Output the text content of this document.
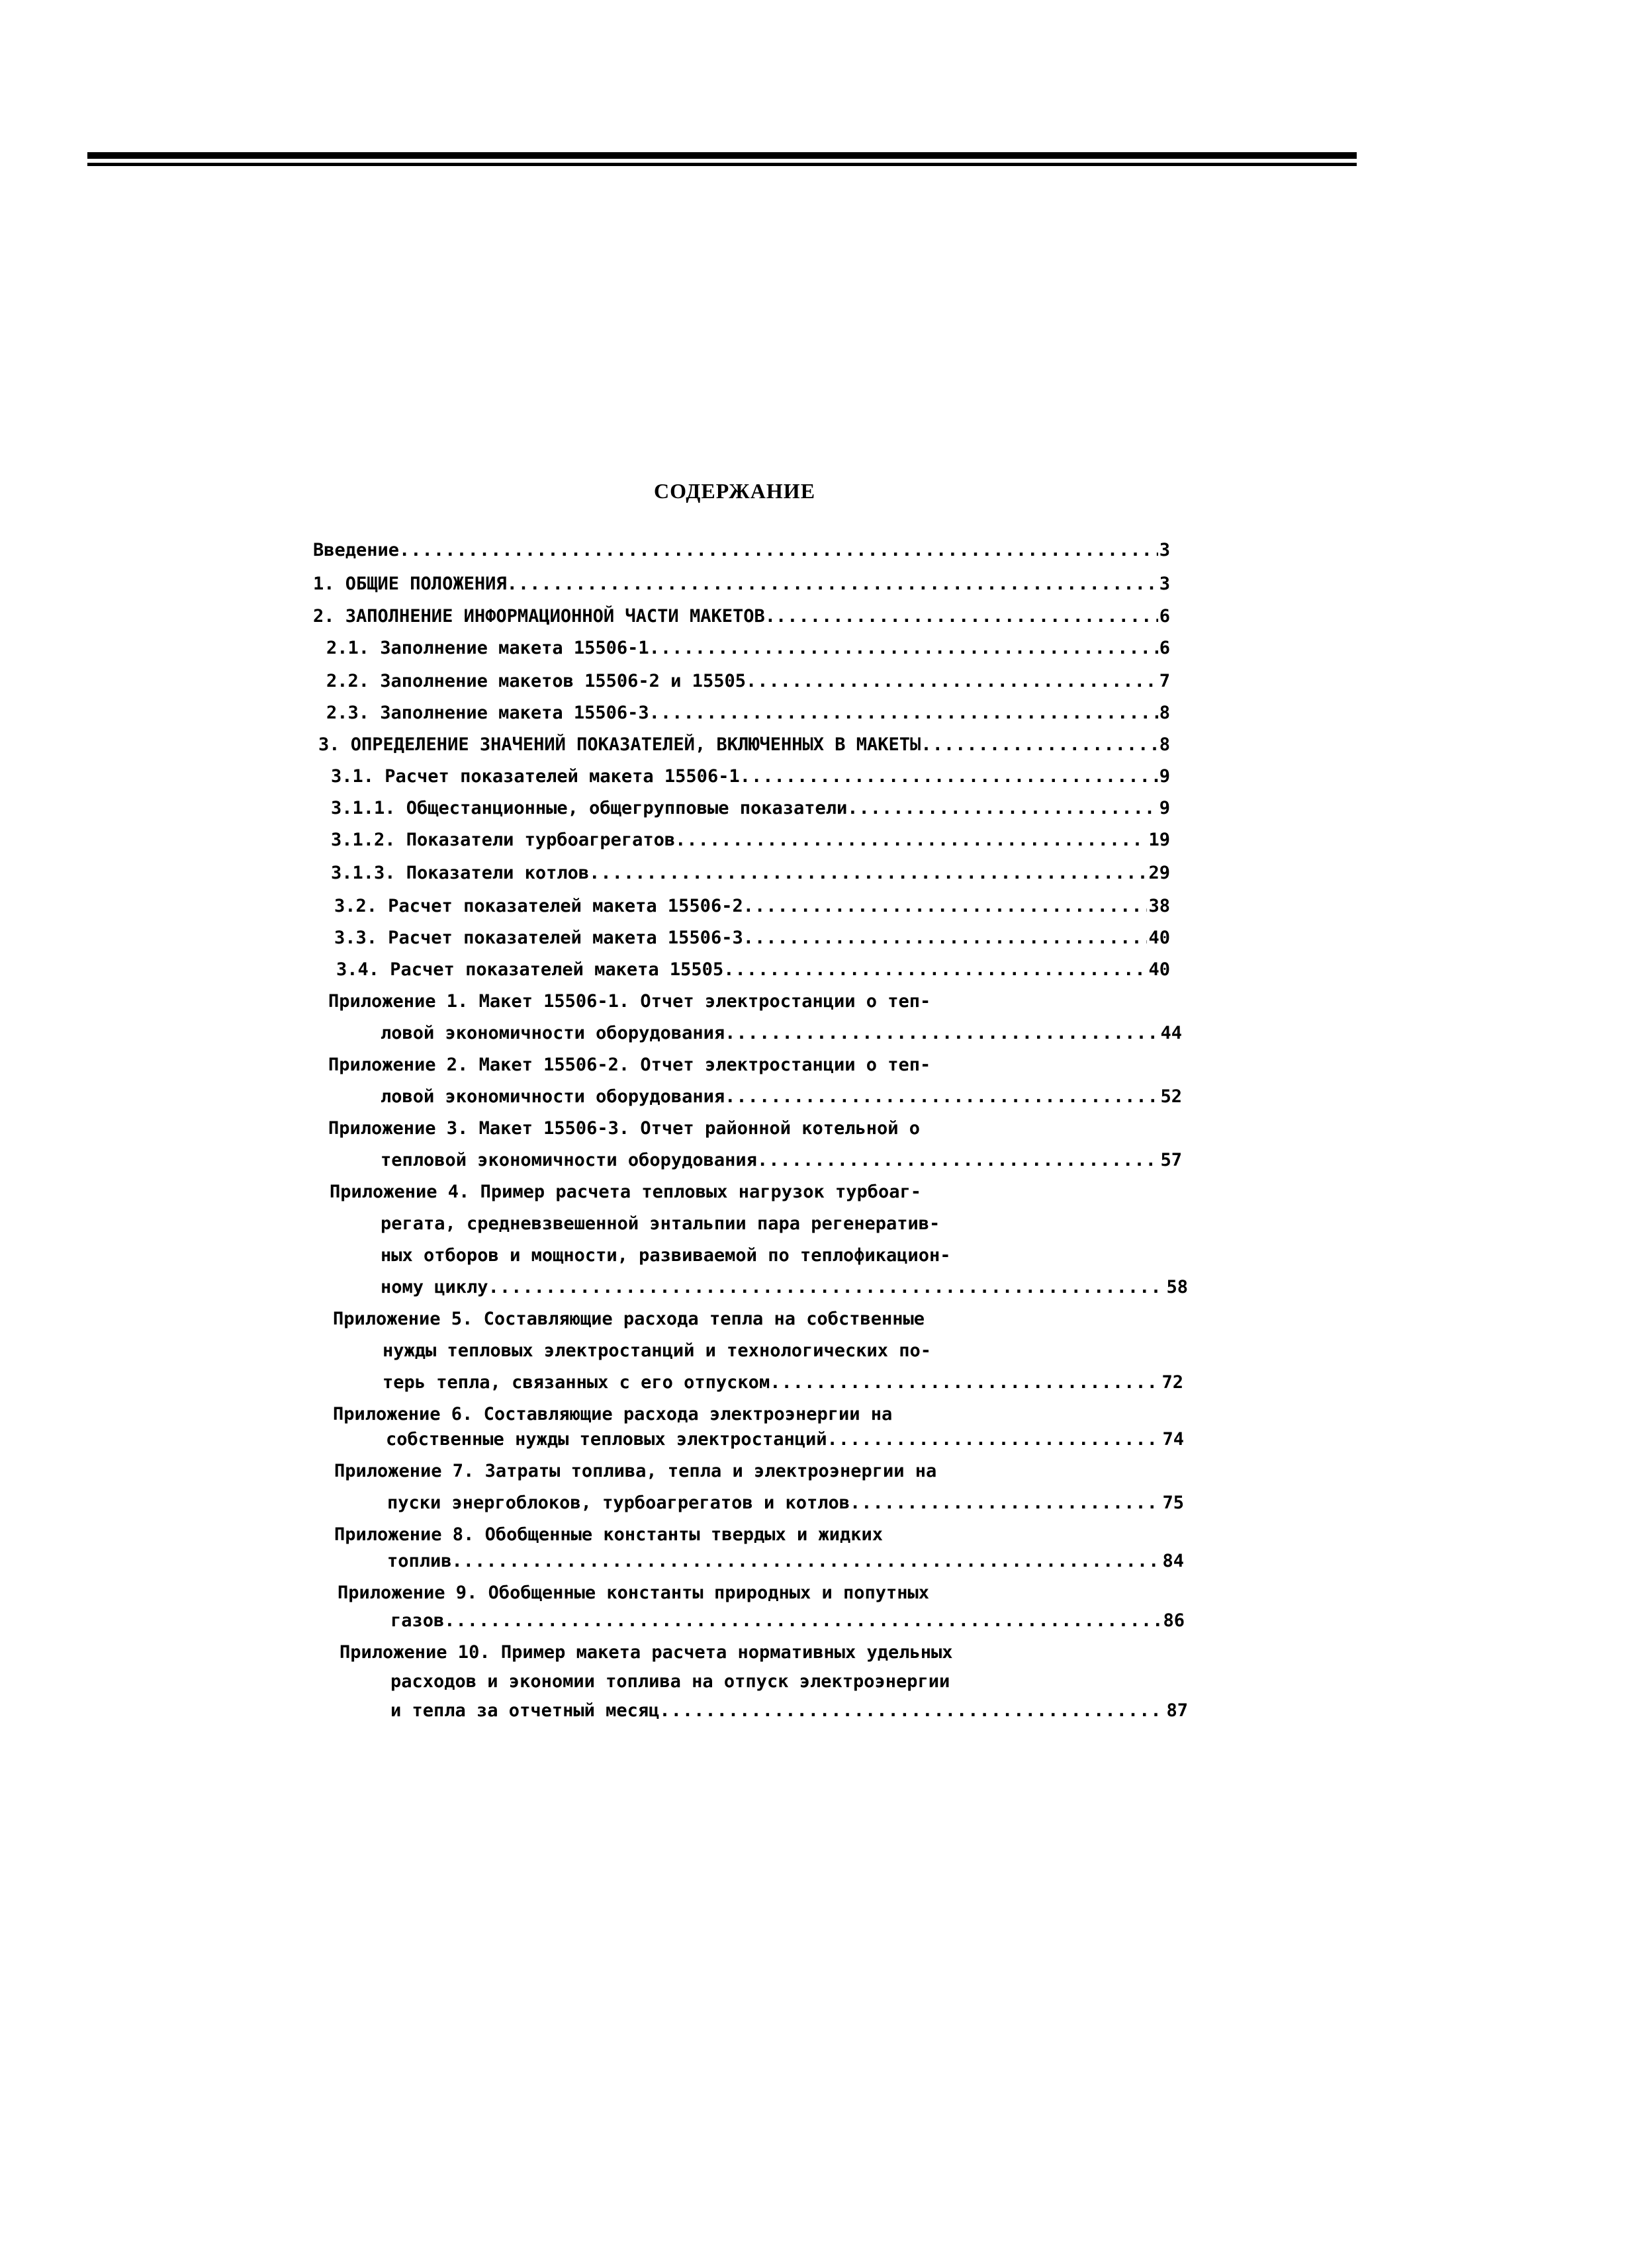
СОДЕРЖАНИЕ
Введение .....	3
1. ОБЩИЕ ПОЛОЖЕНИЯ .....	3
2. ЗАПОЛНЕНИЕ ИНФОРМАЦИОННОЙ ЧАСТИ МАКЕТОВ. .....	6
2.1. Заполнение макета 15506-1 .....	6
2.2. Заполнение макетов 15506-2 и 15505 .....	7
2.3. Заполнение макета 15506-3 .....	8
3. ОПРЕДЕЛЕНИЕ ЗНАЧЕНИЙ ПОКАЗАТЕЛЕЙ, ВКЛЮЧЕННЫХ В МАКЕТЫ .....	8
3.1. Расчет показателей макета 15506-1 .....	9
3.1.1. Общестанционные, общегрупповые показатели .....	9
3.1.2. Показатели турбоагрегатов .....	19
3.1.3. Показатели котлов .....	29
3.2. Расчет показателей макета 15506-2 .....	38
3.3. Расчет показателей макета 15506-3 .....	40
3.4. Расчет показателей макета 15505 .....	40
Приложение 1. Макет 15506-1. Отчет электростанции о теп-
ловой экономичности оборудования .....	44
Приложение 2. Макет 15506-2. Отчет электростанции о теп-
ловой экономичности оборудования .....	52
Приложение 3. Макет 15506-3. Отчет районной котельной о
тепловой экономичности оборудования .....	57
Приложение 4. Пример расчета тепловых нагрузок турбоаг-
регата, средневзвешенной энтальпии пара регенератив-
ных отборов и мощности, развиваемой по теплофикацион-
ному циклу .....	58
Приложение 5. Составляющие расхода тепла на собственные
нужды тепловых электростанций и технологических по-
терь тепла, связанных с его отпуском .....	72
Приложение 6. Составляющие расхода электроэнергии на
собственные нужды тепловых электростанций .....	74
Приложение 7. Затраты топлива, тепла и электроэнергии на
пуски энергоблоков, турбоагрегатов и котлов .....	75
Приложение 8. Обобщенные константы твердых и жидких
топлив .....	84
Приложение 9. Обобщенные константы природных и попутных
газов .....	86
Приложение 10. Пример макета расчета нормативных удельных
расходов и экономии топлива на отпуск электроэнергии
и тепла за отчетный месяц .....	87
